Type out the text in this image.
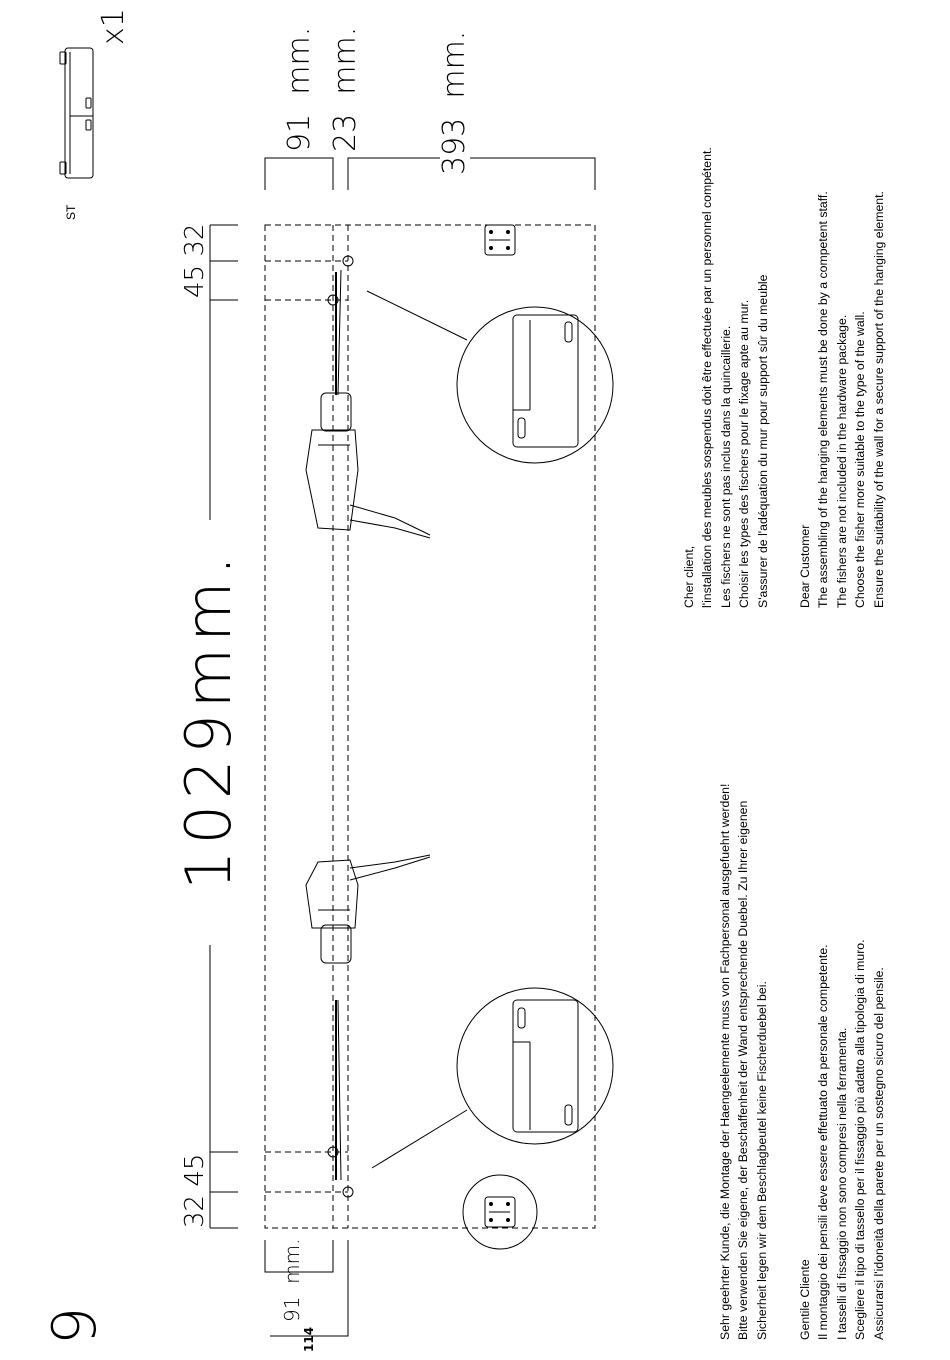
9
x1
ST
91  mm.
23  mm.
393  mm.
1029mm.
32 45
45 32
91  mm.
114
Cher client, l'installation des meubles sospendus doit être effectuée par un personnel compétent. Les fischers ne sont pas inclus dans la quincaillerie. Choisir les types des fischers pour le fixage apte au mur. S'assurer de l'adéquation du mur pour support sûr du meuble Dear Customer The assembling of the hanging elements must be done by a competent staff. The fishers are not included in the hardware package. Choose the fisher more suitable to the type of the wall. Ensure the suitability of the wall for a secure support of the hanging element.
Sehr geehrter Kunde, die Montage der Haengeelemente muss von Fachpersonal ausgefuehrt werden! Bitte verwenden Sie eigene, der Beschaffenheit der Wand entsprechende Duebel. Zu Ihrer eigenen Sicherheit legen wir dem Beschlagbeutel keine Fischerduebel bei. Gentile Cliente Il montaggio dei pensili deve essere effettuato da personale competente. I tasselli di fissaggio non sono compresi nella ferramenta. Scegliere il tipo di tassello per il fissaggio più adatto alla tipologia di muro. Assicurarsi l'idoneità della parete per un sostegno sicuro del pensile.
